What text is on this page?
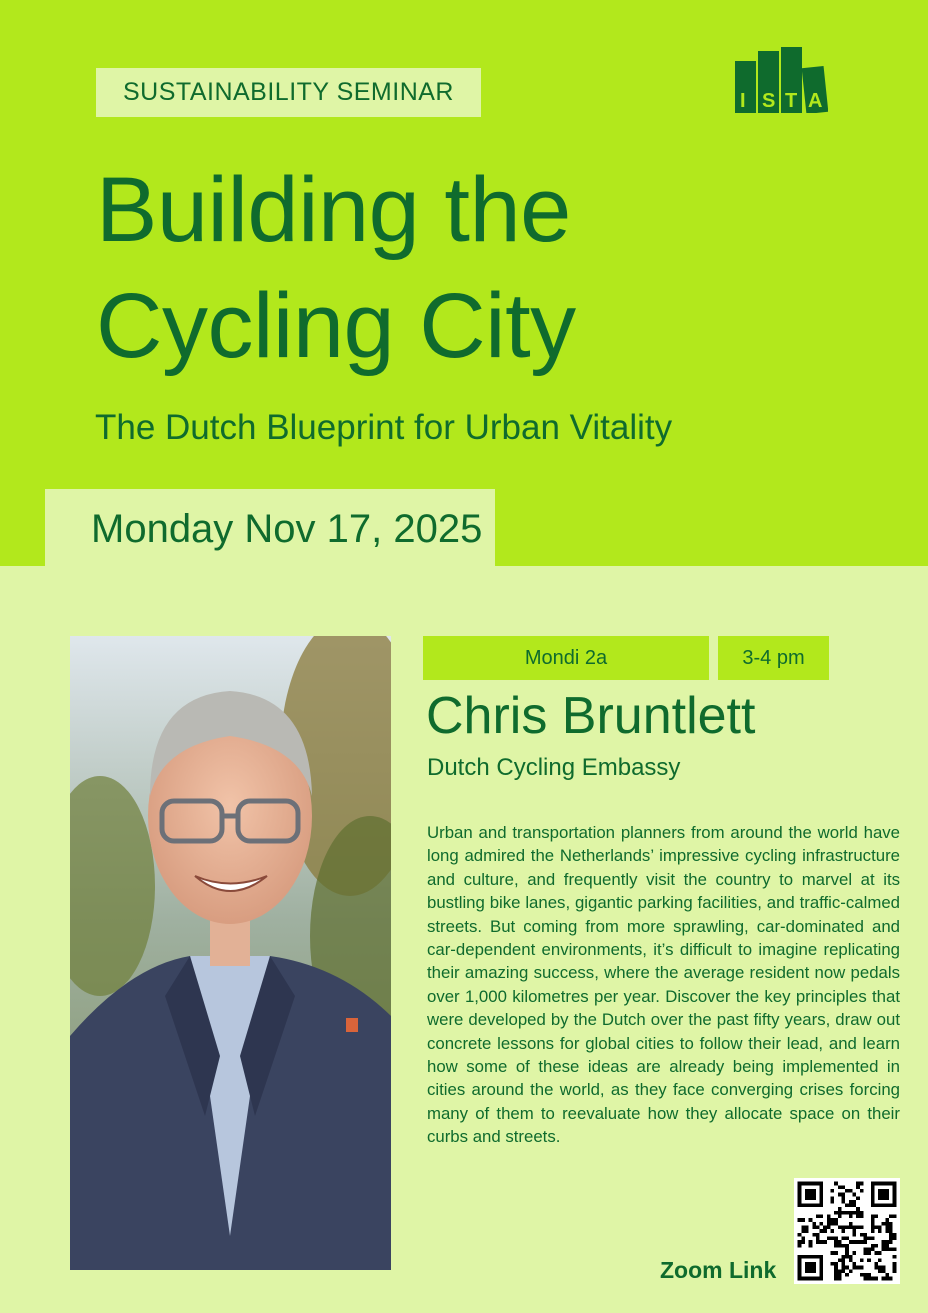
SUSTAINABILITY SEMINAR	I S T A
Building the
Cycling City
The Dutch Blueprint for Urban Vitality
Monday Nov 17, 2025
Mondi 2a	3-4 pm
Chris Bruntlett
Dutch Cycling Embassy

Urban and transportation planners from around the world have long admired the Netherlands’ impressive cycling infrastructure and culture, and frequently visit the country to marvel at its bustling bike lanes, gigantic parking facilities, and traffic-calmed streets. But coming from more sprawling, car-dominated and car-dependent environments, it’s difficult to imagine replicating their amazing success, where the average resident now pedals over 1,000 kilometres per year. Discover the key principles that were developed by the Dutch over the past fifty years, draw out concrete lessons for global cities to follow their lead, and learn how some of these ideas are already being implemented in cities around the world, as they face converging crises forcing many of them to reevaluate how they allocate space on their curbs and streets.

Zoom Link
